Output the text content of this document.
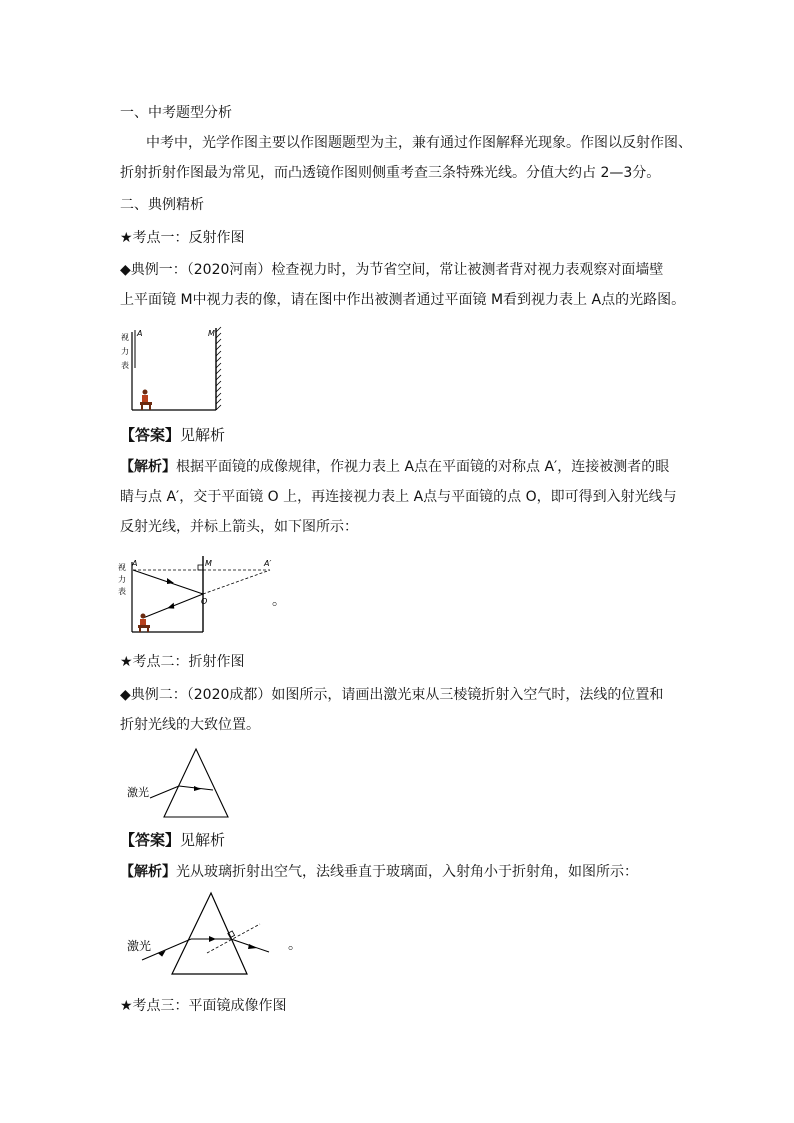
一、中考题型分析
中考中，光学作图主要以作图题题型为主，兼有通过作图解释光现象。作图以反射作图、
折射折射作图最为常见，而凸透镜作图则侧重考查三条特殊光线。分值大约占 2—3分。
二、典例精析
★考点一：反射作图
◆典例一：（2020河南）检查视力时，为节省空间，常让被测者背对视力表观察对面墙壁
上平面镜 M中视力表的像，请在图中作出被测者通过平面镜 M看到视力表上 A点的光路图。
A	M
视
力
表
【答案】见解析
【解析】根据平面镜的成像规律，作视力表上 A点在平面镜的对称点 A′，连接被测者的眼
睛与点 A′，交于平面镜 O 上，再连接视力表上 A点与平面镜的点 O，即可得到入射光线与
反射光线，并标上箭头，如下图所示：
A	M	A′
O
视
力
表
。
★考点二：折射作图
◆典例二：（2020成都）如图所示，请画出激光束从三棱镜折射入空气时，法线的位置和
折射光线的大致位置。
激光
【答案】见解析
【解析】光从玻璃折射出空气，法线垂直于玻璃面，入射角小于折射角，如图所示：
激光	。
★考点三：平面镜成像作图
